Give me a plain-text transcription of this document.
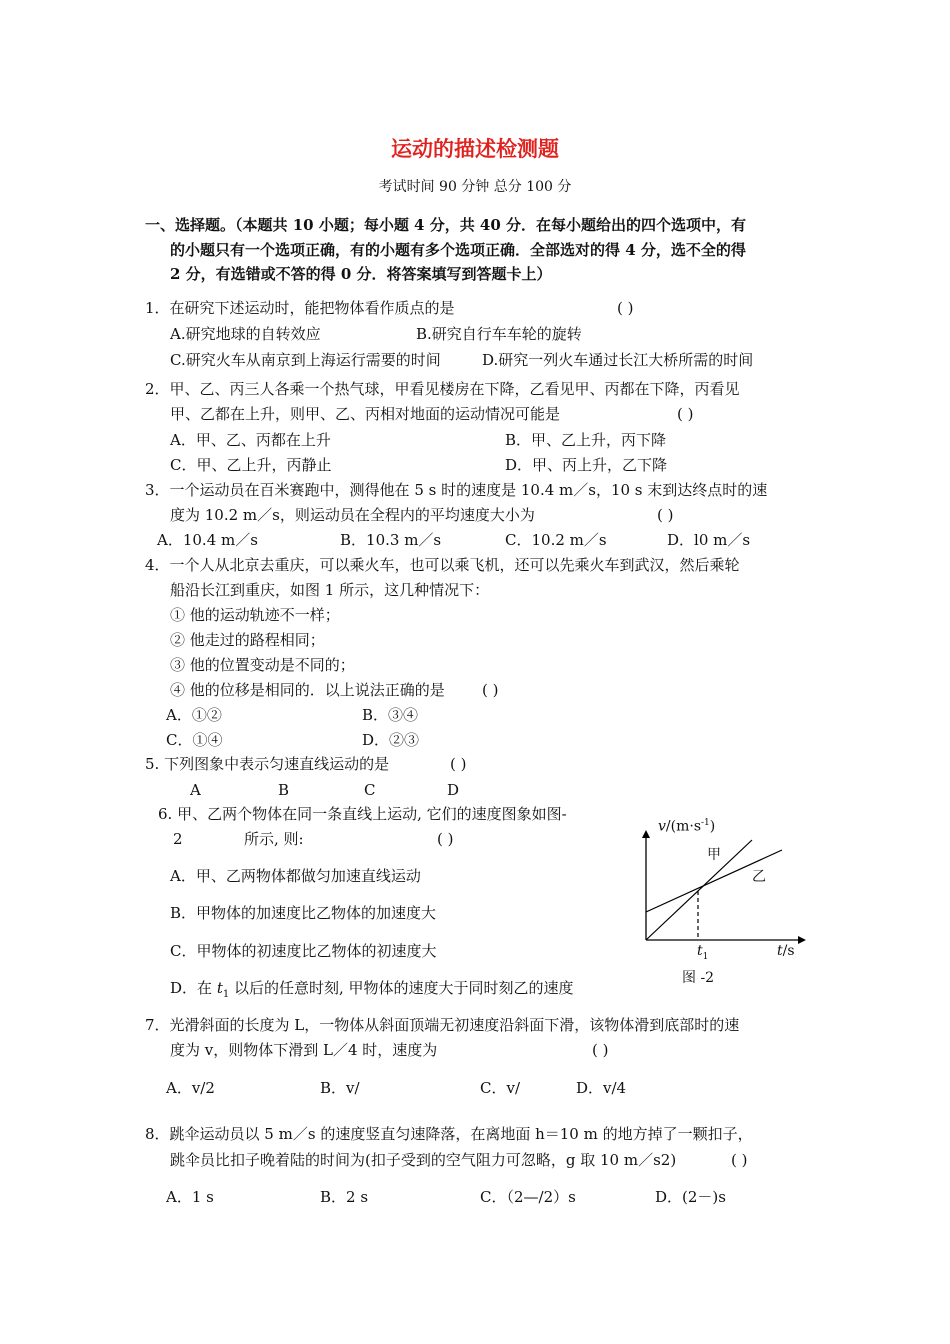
运动的描述检测题
考试时间 90 分钟 总分 100 分
一、选择题。（本题共 10 小题；每小题 4 分，共 40 分．在每小题给出的四个选项中，有
的小题只有一个选项正确，有的小题有多个选项正确．全部选对的得 4 分，选不全的得
2 分，有选错或不答的得 0 分．将答案填写到答题卡上）
1．在研究下述运动时，能把物体看作质点的是	( )
A.研究地球的自转效应	B.研究自行车车轮的旋转
C.研究火车从南京到上海运行需要的时间	D.研究一列火车通过长江大桥所需的时间
2．甲、乙、丙三人各乘一个热气球，甲看见楼房在下降，乙看见甲、丙都在下降，丙看见
甲、乙都在上升，则甲、乙、丙相对地面的运动情况可能是	( )
A．甲、乙、丙都在上升	B．甲、乙上升，丙下降
C．甲、乙上升，丙静止	D．甲、丙上升，乙下降
3．一个运动员在百米赛跑中，测得他在 5 s 时的速度是 10.4 m／s，10 s 末到达终点时的速
度为 10.2 m／s，则运动员在全程内的平均速度大小为	( )
A．10.4 m／s	B．10.3 m／s	C．10.2 m／s	D．l0 m／s
4．一个人从北京去重庆，可以乘火车，也可以乘飞机，还可以先乘火车到武汉，然后乘轮
船沿长江到重庆，如图 1 所示，这几种情况下：
① 他的运动轨迹不一样；
② 他走过的路程相同；
③ 他的位置变动是不同的；
④ 他的位移是相同的．以上说法正确的是 ( )
A．①②	B．③④
C．①④	D．②③
5. 下列图象中表示匀速直线运动的是	( )
A	B	C	D
6. 甲、乙两个物体在同一条直线上运动, 它们的速度图象如图-
2	所示, 则:	( )
A．甲、乙两物体都做匀加速直线运动
B．甲物体的加速度比乙物体的加速度大
C．甲物体的初速度比乙物体的初速度大
D．在 $t_1$ 以后的任意时刻, 甲物体的速度大于同时刻乙的速度
$v/(m\cdot s^{-1})$
甲
乙
$t_1$	t/s
图 -2
7．光滑斜面的长度为 L，一物体从斜面顶端无初速度沿斜面下滑，该物体滑到底部时的速
度为 v，则物体下滑到 L／4 时，速度为	( )
A．v/2	B．v/	C．v/	D．v/4
8．跳伞运动员以 5 m／s 的速度竖直匀速降落，在离地面 h＝10 m 的地方掉了一颗扣子，
跳伞员比扣子晚着陆的时间为(扣子受到的空气阻力可忽略，g 取 10 m／s2)	( )
A．1 s	B．2 s	C．（2—/2）s	D．(2－)s
